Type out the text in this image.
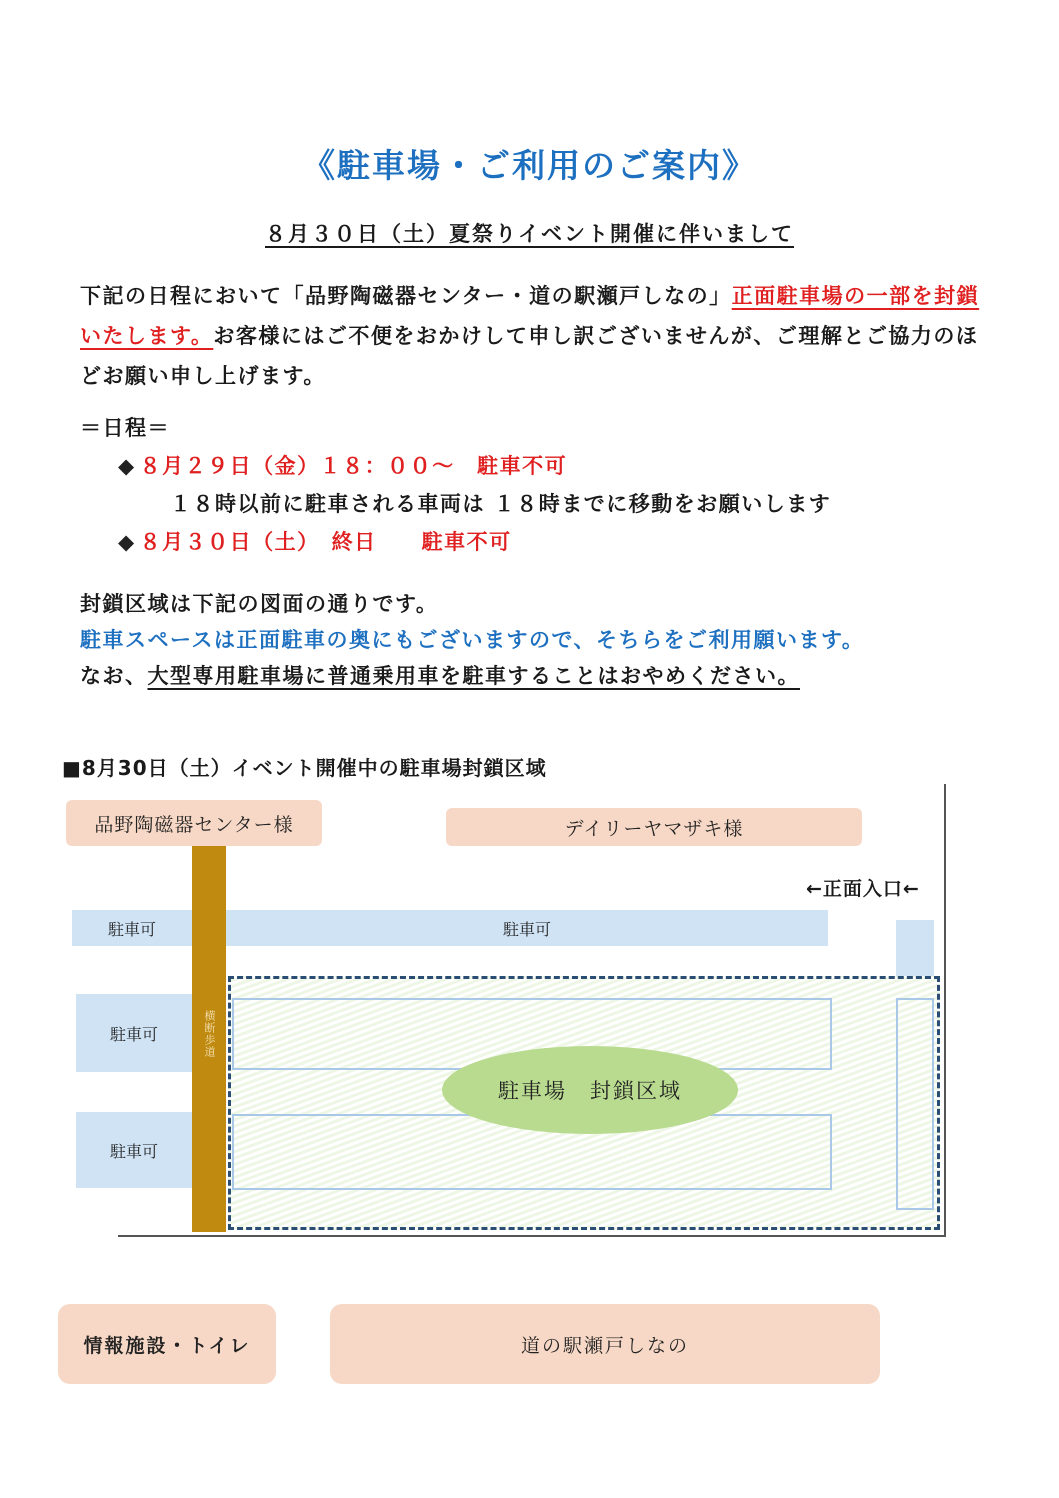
《駐車場・ご利用のご案内》
８月３０日（土）夏祭りイベント開催に伴いまして
下記の日程において「品野陶磁器センター・道の駅瀬戸しなの」正面駐車場の一部を封鎖いたします。お客様にはご不便をおかけして申し訳ございませんが、ご理解とご協力のほどお願い申し上げます。
＝日程＝
◆ ８月２９日（金）１８：００～　駐車不可
１８時以前に駐車される車両は １８時までに移動をお願いします
◆ ８月３０日（土）　終日　　駐車不可
封鎖区域は下記の図面の通りです。
駐車スペースは正面駐車の奥にもございますので、そちらをご利用願います。
なお、大型専用駐車場に普通乗用車を駐車することはおやめください。
■8月30日（土）イベント開催中の駐車場封鎖区域
品野陶磁器センター様	デイリーヤマザキ様
←正面入口←
駐車可	駐車可
駐車可
駐車可
横断歩道
駐車場　封鎖区域
情報施設・トイレ	道の駅瀬戸しなの
